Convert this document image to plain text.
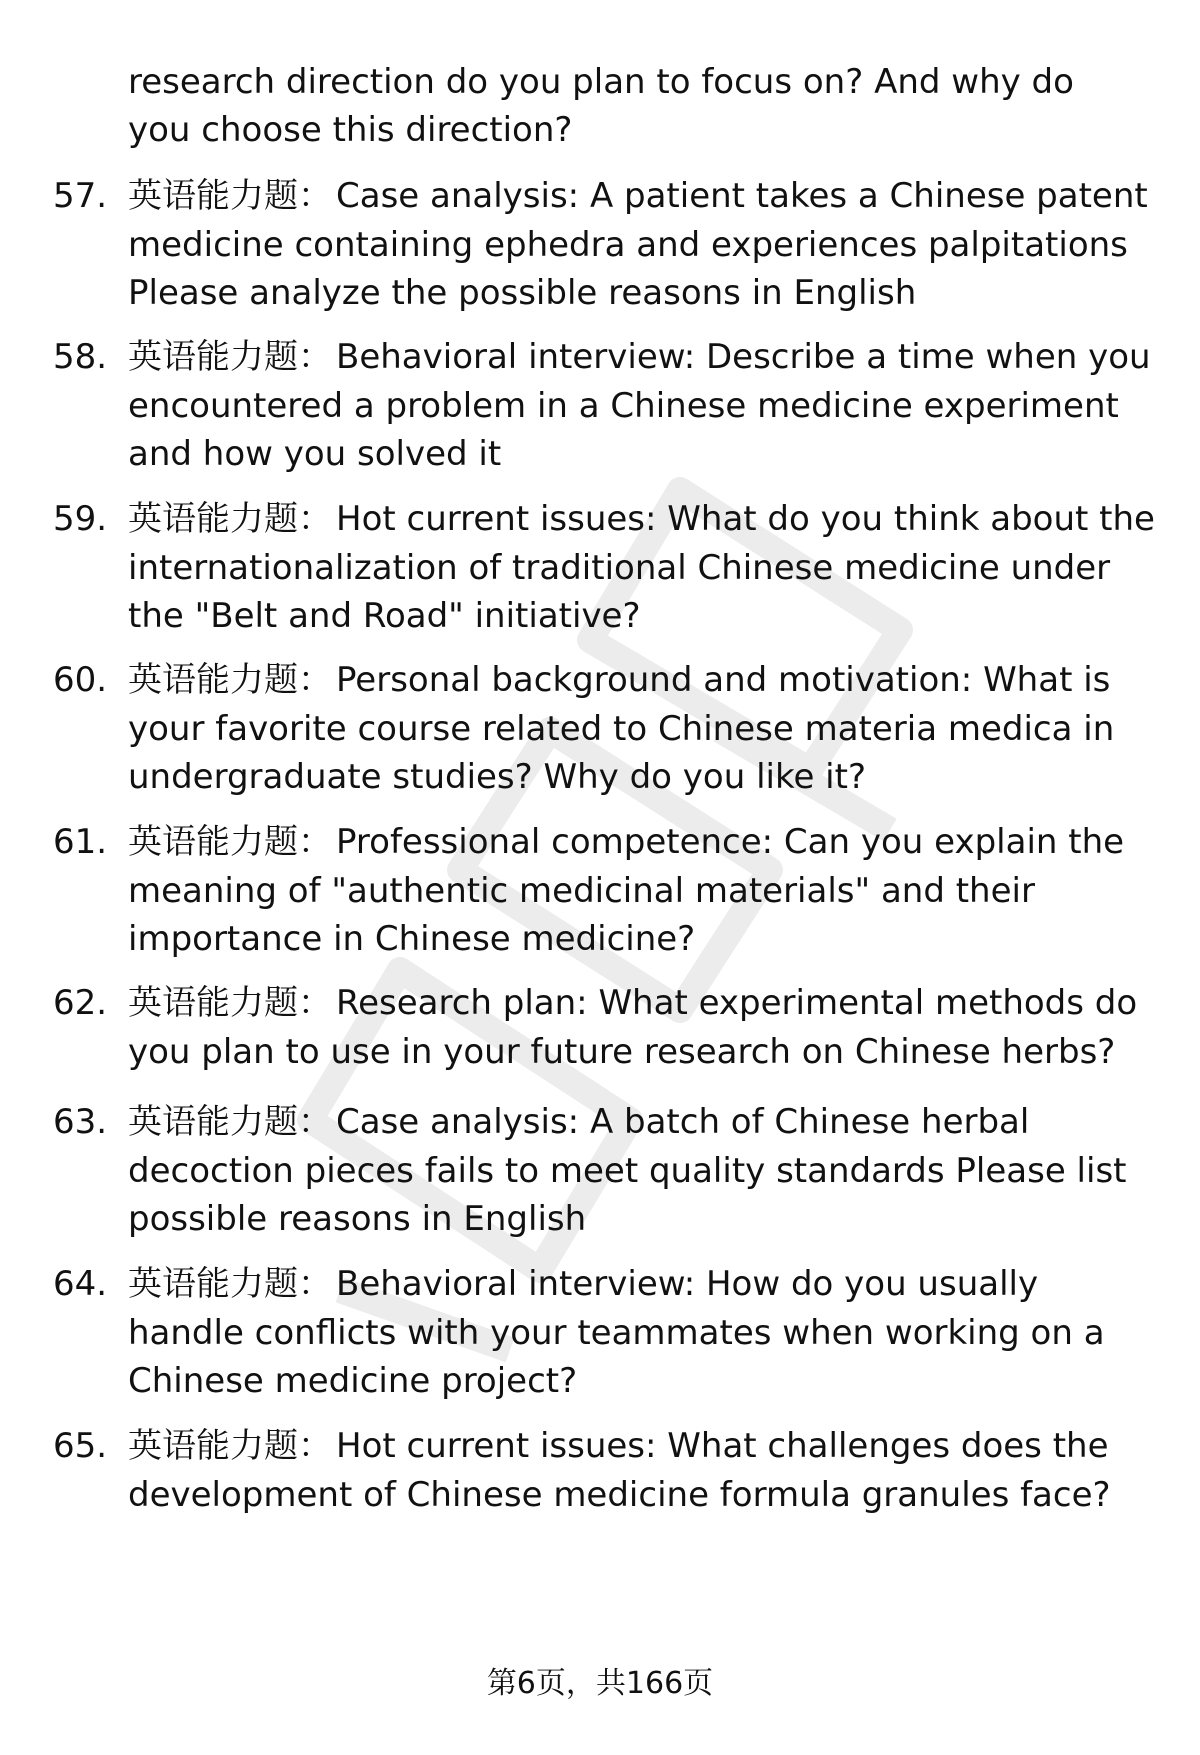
research direction do you plan to focus on? And why do you choose this direction?
57. 英语能力题： Case analysis: A patient takes a Chinese patent medicine containing ephedra and experiences palpitations Please analyze the possible reasons in English
58. 英语能力题： Behavioral interview: Describe a time when you encountered a problem in a Chinese medicine experiment and how you solved it
59. 英语能力题： Hot current issues: What do you think about the internationalization of traditional Chinese medicine under the "Belt and Road" initiative?
60. 英语能力题： Personal background and motivation: What is your favorite course related to Chinese materia medica in undergraduate studies? Why do you like it?
61. 英语能力题： Professional competence: Can you explain the meaning of "authentic medicinal materials" and their importance in Chinese medicine?
62. 英语能力题： Research plan: What experimental methods do you plan to use in your future research on Chinese herbs?
63. 英语能力题： Case analysis: A batch of Chinese herbal decoction pieces fails to meet quality standards Please list possible reasons in English
64. 英语能力题： Behavioral interview: How do you usually handle conflicts with your teammates when working on a Chinese medicine project?
65. 英语能力题： Hot current issues: What challenges does the development of Chinese medicine formula granules face?
第6页，共166页
